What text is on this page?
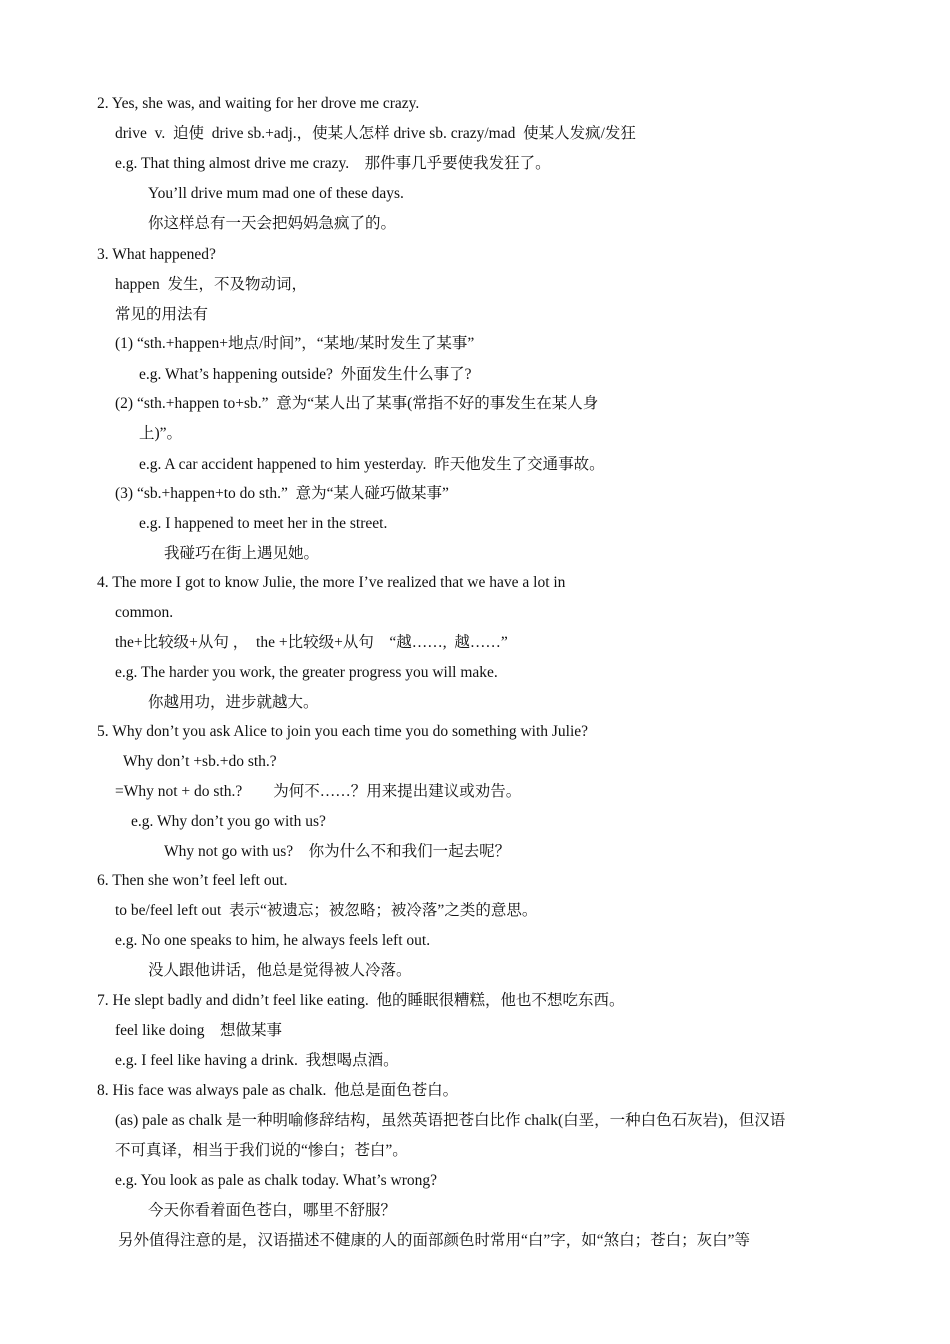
2. Yes, she was, and waiting for her drove me crazy.
drive  v.  迫使  drive sb.+adj.，使某人怎样 drive sb. crazy/mad  使某人发疯/发狂
e.g. That thing almost drive me crazy.    那件事几乎要使我发狂了。
You’ll drive mum mad one of these days.
你这样总有一天会把妈妈急疯了的。
3. What happened?
happen  发生，不及物动词，
常见的用法有
(1) “sth.+happen+地点/时间”，“某地/某时发生了某事”
e.g. What’s happening outside?  外面发生什么事了?
(2) “sth.+happen to+sb.”  意为“某人出了某事(常指不好的事发生在某人身
上)”。
e.g. A car accident happened to him yesterday.  昨天他发生了交通事故。
(3) “sb.+happen+to do sth.”  意为“某人碰巧做某事”
e.g. I happened to meet her in the street.
我碰巧在街上遇见她。
4. The more I got to know Julie, the more I’ve realized that we have a lot in
common.
the+比较级+从句 ，  the +比较级+从句    “越……,  越……”
e.g. The harder you work, the greater progress you will make.
你越用功，进步就越大。
5. Why don’t you ask Alice to join you each time you do something with Julie?
Why don’t +sb.+do sth.?
=Why not + do sth.?        为何不……？用来提出建议或劝告。
e.g. Why don’t you go with us?
Why not go with us?    你为什么不和我们一起去呢？
6. Then she won’t feel left out.
to be/feel left out  表示“被遗忘；被忽略；被冷落”之类的意思。
e.g. No one speaks to him, he always feels left out.
没人跟他讲话，他总是觉得被人冷落。
7. He slept badly and didn’t feel like eating.  他的睡眠很糟糕，他也不想吃东西。
feel like doing    想做某事
e.g. I feel like having a drink.  我想喝点酒。
8. His face was always pale as chalk.  他总是面色苍白。
(as) pale as chalk 是一种明喻修辞结构，虽然英语把苍白比作 chalk(白垩，一种白色石灰岩)，但汉语
不可真译，相当于我们说的“惨白；苍白”。
e.g. You look as pale as chalk today. What’s wrong?
今天你看着面色苍白，哪里不舒服？
另外值得注意的是，汉语描述不健康的人的面部颜色时常用“白”字，如“煞白；苍白；灰白”等
